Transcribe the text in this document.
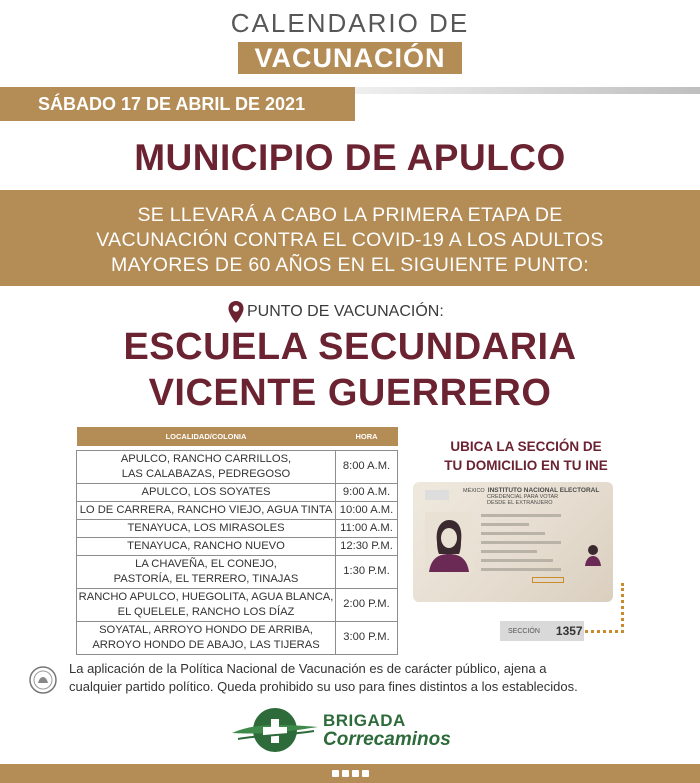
CALENDARIO DE
VACUNACIÓN
SÁBADO 17 DE ABRIL DE 2021
MUNICIPIO DE APULCO
SE LLEVARÁ A CABO LA PRIMERA ETAPA DE
VACUNACIÓN CONTRA EL COVID-19 A LOS ADULTOS
MAYORES DE 60 AÑOS EN EL SIGUIENTE PUNTO:
PUNTO DE VACUNACIÓN:
ESCUELA SECUNDARIA
VICENTE GUERRERO
LOCALIDAD/COLONIA	HORA

APULCO, RANCHO CARRILLOS,
LAS CALABAZAS, PEDREGOSO	8:00 A.M.
APULCO, LOS SOYATES	9:00 A.M.
LO DE CARRERA, RANCHO VIEJO, AGUA TINTA	10:00 A.M.
TENAYUCA, LOS MIRASOLES	11:00 A.M.
TENAYUCA, RANCHO NUEVO	12:30 P.M.

LA CHAVEÑA, EL CONEJO,
PASTORÍA, EL TERRERO, TINAJAS	1:30 P.M.

RANCHO APULCO, HUEGOLITA, AGUA BLANCA,
EL QUELELE, RANCHO LOS DÍAZ	2:00 P.M.

SOYATAL, ARROYO HONDO DE ARRIBA,
ARROYO HONDO DE ABAJO, LAS TIJERAS	3:00 P.M.
UBICA LA SECCIÓN DE
TU DOMICILIO EN TU INE
MÉXICO INSTITUTO NACIONAL ELECTORAL
CREDENCIAL PARA VOTAR
DESDE EL EXTRANJERO
SECCIÓN 1357
La aplicación de la Política Nacional de Vacunación es de carácter público, ajena a
cualquier partido político. Queda prohibido su uso para fines distintos a los establecidos.
BRIGADA
Correcaminos
